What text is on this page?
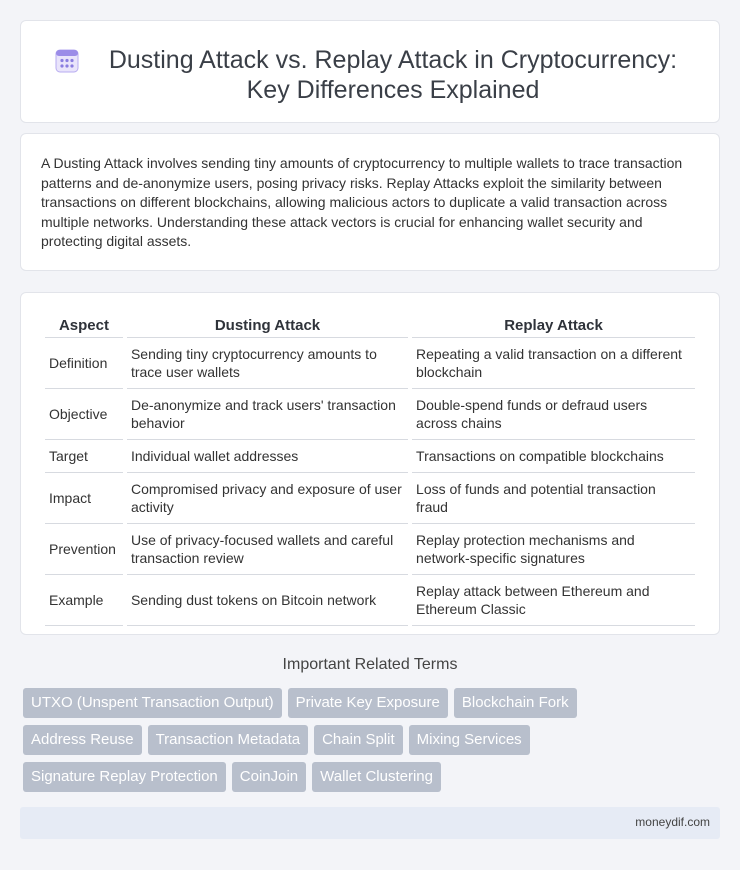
Dusting Attack vs. Replay Attack in Cryptocurrency: Key Differences Explained

A Dusting Attack involves sending tiny amounts of cryptocurrency to multiple wallets to trace transaction patterns and de-anonymize users, posing privacy risks. Replay Attacks exploit the similarity between transactions on different blockchains, allowing malicious actors to duplicate a valid transaction across multiple networks. Understanding these attack vectors is crucial for enhancing wallet security and protecting digital assets.

Aspect	Dusting Attack	Replay Attack
Definition	Sending tiny cryptocurrency amounts to trace user wallets	Repeating a valid transaction on a different blockchain
Objective	De-anonymize and track users' transaction behavior	Double-spend funds or defraud users across chains
Target	Individual wallet addresses	Transactions on compatible blockchains
Impact	Compromised privacy and exposure of user activity	Loss of funds and potential transaction fraud
Prevention	Use of privacy-focused wallets and careful transaction review	Replay protection mechanisms and network-specific signatures
Example	Sending dust tokens on Bitcoin network	Replay attack between Ethereum and Ethereum Classic
Important Related Terms
UTXO (Unspent Transaction Output)	Private Key Exposure	Blockchain Fork
Address Reuse	Transaction Metadata	Chain Split	Mixing Services
Signature Replay Protection	CoinJoin	Wallet Clustering
moneydif.com
